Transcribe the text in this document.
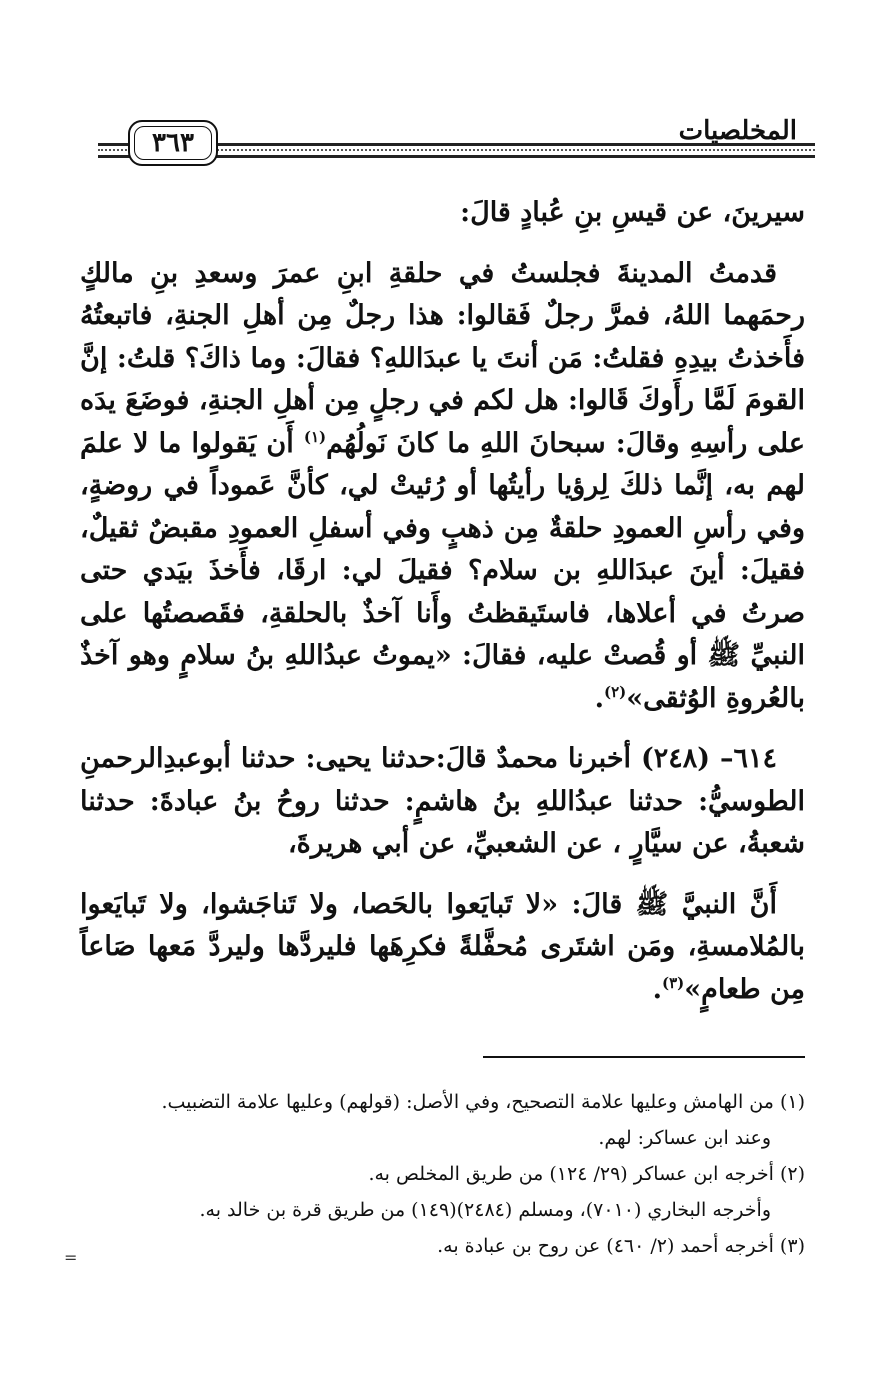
المخلصيات
٣٦٣

سيرينَ، عن قيسِ بنِ عُبادٍ قالَ:

قدمتُ المدينةَ فجلستُ في حلقةِ ابنِ عمرَ وسعدِ بنِ مالكٍ رحمَهما اللهُ، فمرَّ رجلٌ فَقالوا: هذا رجلٌ مِن أهلِ الجنةِ، فاتبعتُهُ فأَخذتُ بيدِهِ فقلتُ: مَن أنتَ يا عبدَاللهِ؟ فقالَ: وما ذاكَ؟ قلتُ: إنَّ القومَ لَمَّا رأَوكَ قَالوا: هل لكم في رجلٍ مِن أهلِ الجنةِ، فوضَعَ يدَه على رأسِهِ وقالَ: سبحانَ اللهِ ما كانَ نَولُهُم$^{(١)}$ أَن يَقولوا ما لا علمَ لهم به، إنَّما ذلكَ لِرؤيا رأيتُها أو رُئيتْ لي، كأنَّ عَموداً في روضةٍ، وفي رأسِ العمودِ حلقةٌ مِن ذهبٍ وفي أسفلِ العمودِ مقبضٌ ثقيلٌ، فقيلَ: أينَ عبدَاللهِ بن سلام؟ فقيلَ لي: ارقَا، فأَخذَ بيَدي حتى صرتُ في أعلاها، فاستَيقظتُ وأَنا آخذٌ بالحلقةِ، فقَصصتُها على النبيِّ ﷺ أو قُصتْ عليه، فقالَ: «يموتُ عبدُاللهِ بنُ سلامٍ وهو آخذٌ بالعُروةِ الوُثقى»$^{(٢)}$.

٦١٤– (٢٤٨) أخبرنا محمدٌ قالَ:حدثنا يحيى: حدثنا أبوعبدِالرحمنِ الطوسيُّ: حدثنا عبدُاللهِ بنُ هاشمٍ: حدثنا روحُ بنُ عبادةَ: حدثنا شعبةُ، عن سيَّارٍ ، عن الشعبيِّ، عن أبي هريرةَ،

أَنَّ النبيَّ ﷺ قالَ: «لا تَبايَعوا بالحَصا، ولا تَناجَشوا، ولا تَبايَعوا بالمُلامسةِ، ومَن اشتَرى مُحفَّلةً فكرِهَها فليردَّها وليردَّ مَعها صَاعاً مِن طعامٍ»$^{(٣)}$.

(١) من الهامش وعليها علامة التصحيح، وفي الأصل: (قولهم) وعليها علامة التضبيب.

وعند ابن عساكر: لهم.

(٢) أخرجه ابن عساكر (٢٩/ ١٢٤) من طريق المخلص به.

وأخرجه البخاري (٧٠١٠)، ومسلم (٢٤٨٤)(١٤٩) من طريق قرة بن خالد به.

(٣) أخرجه أحمد (٢/ ٤٦٠) عن روح بن عبادة به.

=
